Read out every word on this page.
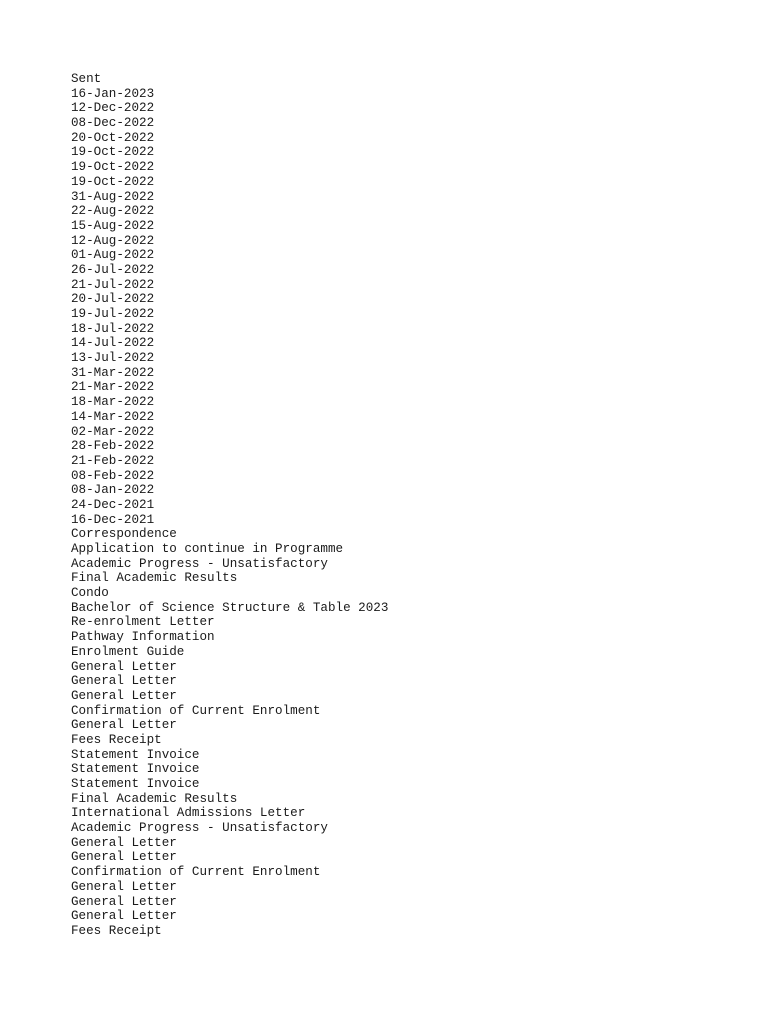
Sent
16-Jan-2023
12-Dec-2022
08-Dec-2022
20-Oct-2022
19-Oct-2022
19-Oct-2022
19-Oct-2022
31-Aug-2022
22-Aug-2022
15-Aug-2022
12-Aug-2022
01-Aug-2022
26-Jul-2022
21-Jul-2022
20-Jul-2022
19-Jul-2022
18-Jul-2022
14-Jul-2022
13-Jul-2022
31-Mar-2022
21-Mar-2022
18-Mar-2022
14-Mar-2022
02-Mar-2022
28-Feb-2022
21-Feb-2022
08-Feb-2022
08-Jan-2022
24-Dec-2021
16-Dec-2021
Correspondence
Application to continue in Programme
Academic Progress - Unsatisfactory
Final Academic Results
Condo
Bachelor of Science Structure & Table 2023
Re-enrolment Letter
Pathway Information
Enrolment Guide
General Letter
General Letter
General Letter
Confirmation of Current Enrolment
General Letter
Fees Receipt
Statement Invoice
Statement Invoice
Statement Invoice
Final Academic Results
International Admissions Letter
Academic Progress - Unsatisfactory
General Letter
General Letter
Confirmation of Current Enrolment
General Letter
General Letter
General Letter
Fees Receipt
